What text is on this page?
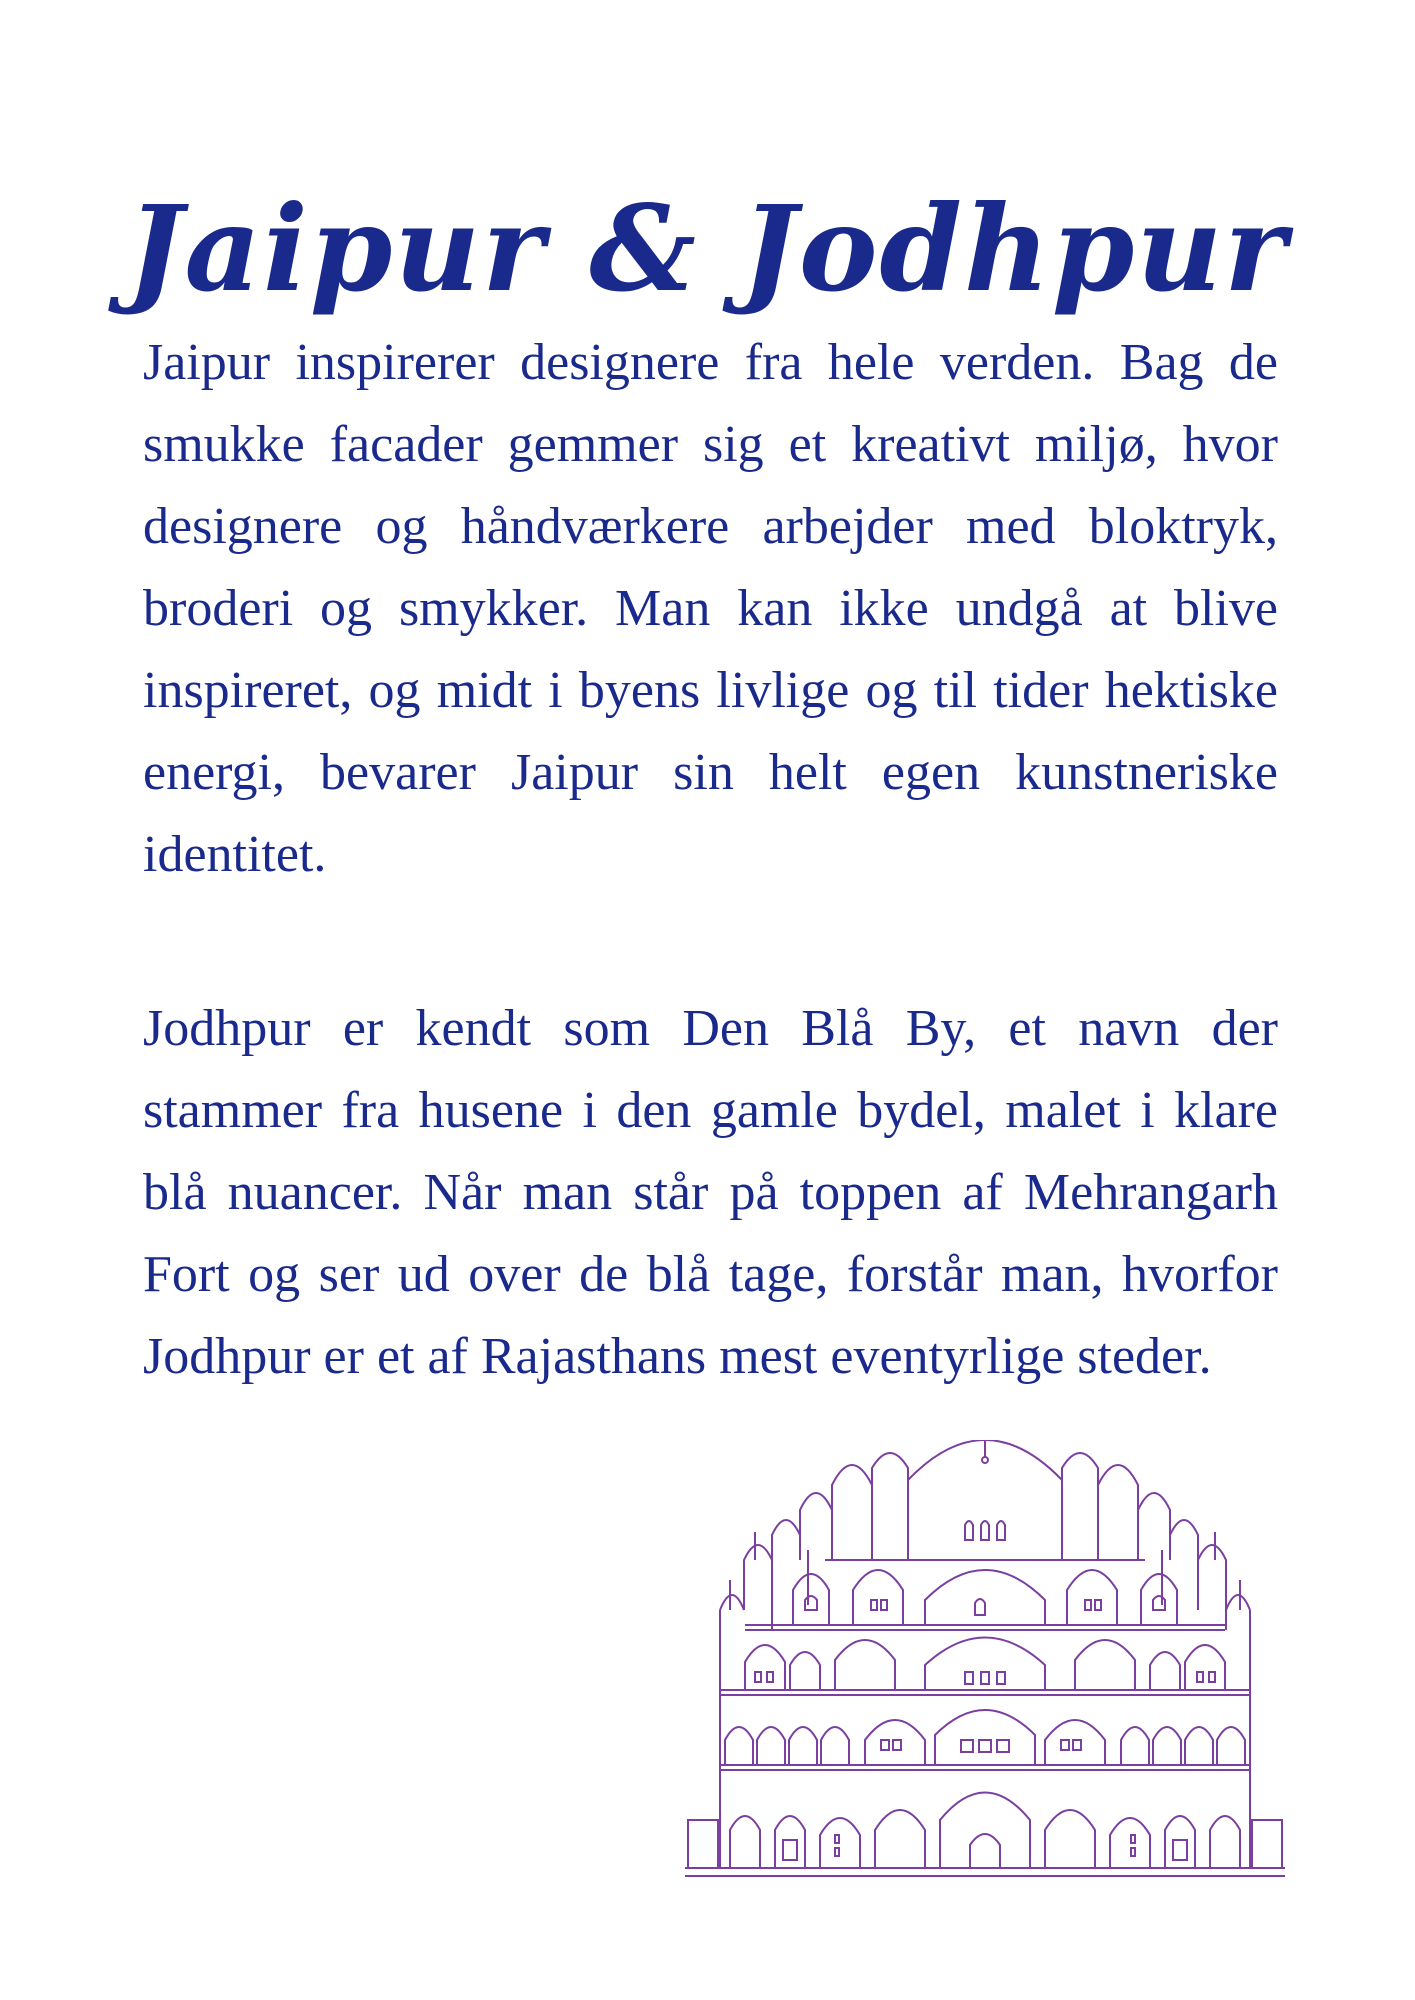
Jaipur & Jodhpur

Jaipur inspirerer designere fra hele verden. Bag de smukke facader gemmer sig et kreativt miljø, hvor designere og håndværkere arbejder med bloktryk, broderi og smykker. Man kan ikke undgå at blive inspireret, og midt i byens livlige og til tider hektiske energi, bevarer Jaipur sin helt egen kunstneriske identitet.

Jodhpur er kendt som Den Blå By, et navn der stammer fra husene i den gamle bydel, malet i klare blå nuancer. Når man står på toppen af Mehrangarh Fort og ser ud over de blå tage, forstår man, hvorfor Jodhpur er et af Rajasthans mest eventyrlige steder.
